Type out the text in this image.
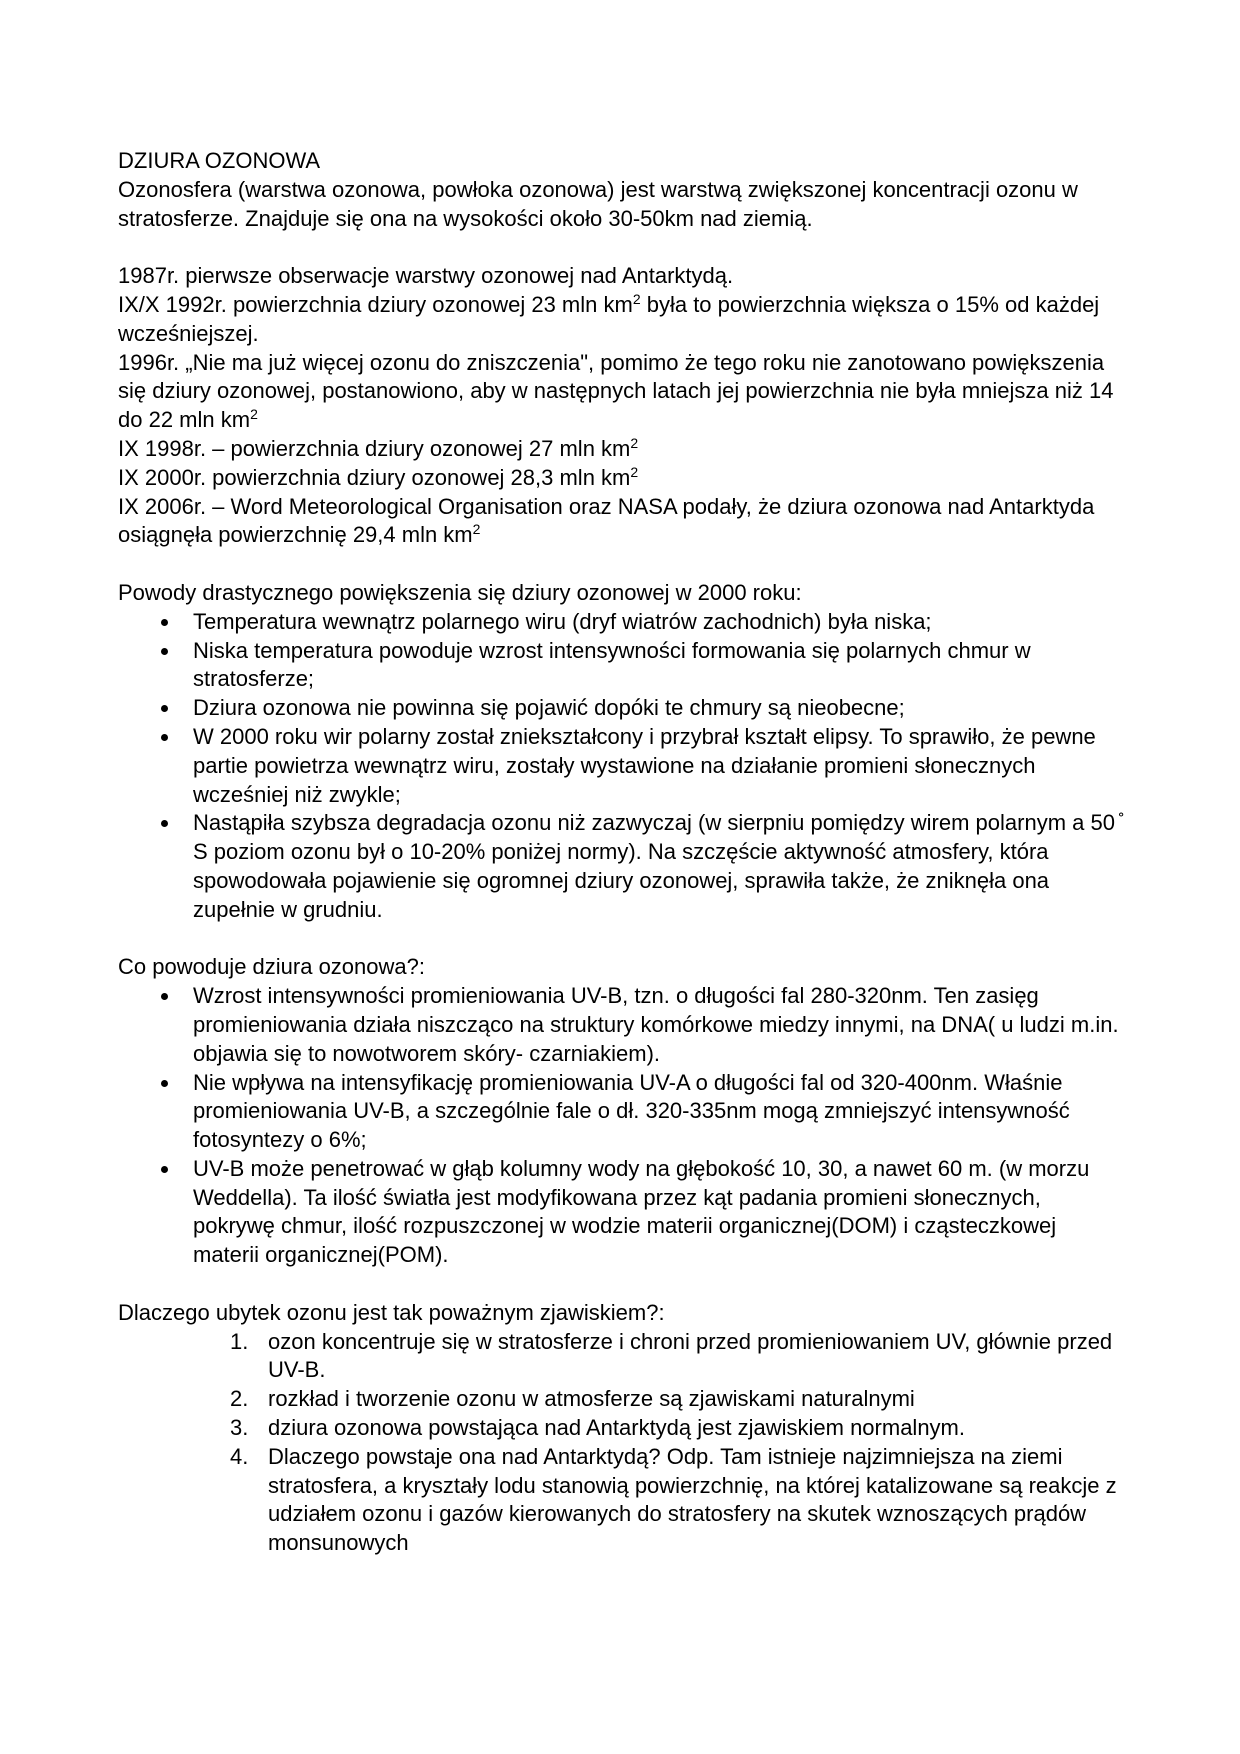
DZIURA OZONOWA

Ozonosfera (warstwa ozonowa, powłoka ozonowa) jest warstwą zwiększonej koncentracji ozonu w stratosferze. Znajduje się ona na wysokości około 30-50km nad ziemią.

1987r. pierwsze obserwacje warstwy ozonowej nad Antarktydą.

IX/X 1992r. powierzchnia dziury ozonowej 23 mln $km^2$ była to powierzchnia większa o 15% od każdej wcześniejszej.

1996r. „Nie ma już więcej ozonu do zniszczenia", pomimo że tego roku nie zanotowano powiększenia się dziury ozonowej, postanowiono, aby w następnych latach jej powierzchnia nie była mniejsza niż 14 do 22 mln $km^2$

IX 1998r. – powierzchnia dziury ozonowej 27 mln $km^2$

IX 2000r. powierzchnia dziury ozonowej 28,3 mln $km^2$

IX 2006r. – Word Meteorological Organisation oraz NASA podały, że dziura ozonowa nad Antarktyda osiągnęła powierzchnię 29,4 mln $km^2$

Powody drastycznego powiększenia się dziury ozonowej w 2000 roku:

Temperatura wewnątrz polarnego wiru (dryf wiatrów zachodnich) była niska;
Niska temperatura powoduje wzrost intensywności formowania się polarnych chmur w stratosferze;
Dziura ozonowa nie powinna się pojawić dopóki te chmury są nieobecne;
W 2000 roku wir polarny został zniekształcony i przybrał kształt elipsy. To sprawiło, że pewne partie powietrza wewnątrz wiru, zostały wystawione na działanie promieni słonecznych wcześniej niż zwykle;
Nastąpiła szybsza degradacja ozonu niż zazwyczaj (w sierpniu pomiędzy wirem polarnym a 50 ̊ S poziom ozonu był o 10-20% poniżej normy). Na szczęście aktywność atmosfery, która spowodowała pojawienie się ogromnej dziury ozonowej, sprawiła także, że zniknęła ona zupełnie w grudniu.

Co powoduje dziura ozonowa?:

Wzrost intensywności promieniowania UV-B, tzn. o długości fal 280-320nm. Ten zasięg promieniowania działa niszcząco na struktury komórkowe miedzy innymi, na DNA( u ludzi m.in. objawia się to nowotworem skóry- czarniakiem).
Nie wpływa na intensyfikację promieniowania UV-A o długości fal od 320-400nm. Właśnie promieniowania UV-B, a szczególnie fale o dł. 320-335nm mogą zmniejszyć intensywność fotosyntezy o 6%;
UV-B może penetrować w głąb kolumny wody na głębokość 10, 30, a nawet 60 m. (w morzu Weddella). Ta ilość światła jest modyfikowana przez kąt padania promieni słonecznych, pokrywę chmur, ilość rozpuszczonej w wodzie materii organicznej(DOM) i cząsteczkowej materii organicznej(POM).

Dlaczego ubytek ozonu jest tak poważnym zjawiskiem?:

1. ozon koncentruje się w stratosferze i chroni przed promieniowaniem UV, głównie przed UV-B.
2. rozkład i tworzenie ozonu w atmosferze są zjawiskami naturalnymi
3. dziura ozonowa powstająca nad Antarktydą jest zjawiskiem normalnym.
4. Dlaczego powstaje ona nad Antarktydą? Odp. Tam istnieje najzimniejsza na ziemi stratosfera, a kryształy lodu stanowią powierzchnię, na której katalizowane są reakcje z udziałem ozonu i gazów kierowanych do stratosfery na skutek wznoszących prądów monsunowych
